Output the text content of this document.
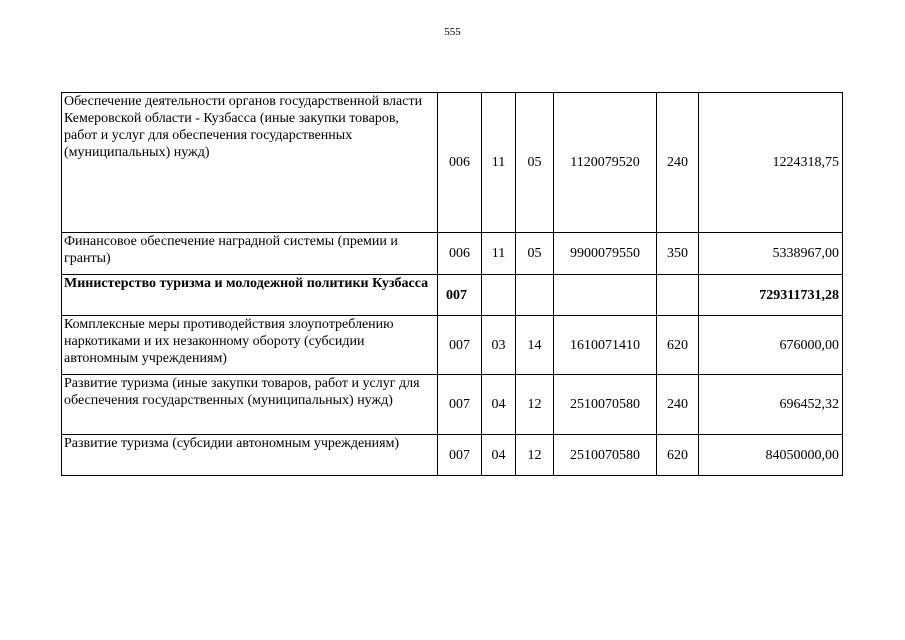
555
Обеспечение деятельности органов государственной власти Кемеровской области - Кузбасса (иные закупки товаров, работ и услуг для обеспечения государственных (муниципальных) нужд)	006	11	05	1120079520	240	1224318,75
Финансовое обеспечение наградной системы (премии и гранты)	006	11	05	9900079550	350	5338967,00
Министерство туризма и молодежной политики Кузбасса	007					729311731,28
Комплексные меры противодействия злоупотреблению наркотиками и их незаконному обороту (субсидии автономным учреждениям)	007	03	14	1610071410	620	676000,00
Развитие туризма (иные закупки товаров, работ и услуг для обеспечения государственных (муниципальных) нужд)	007	04	12	2510070580	240	696452,32
Развитие туризма (субсидии автономным учреждениям)	007	04	12	2510070580	620	84050000,00
